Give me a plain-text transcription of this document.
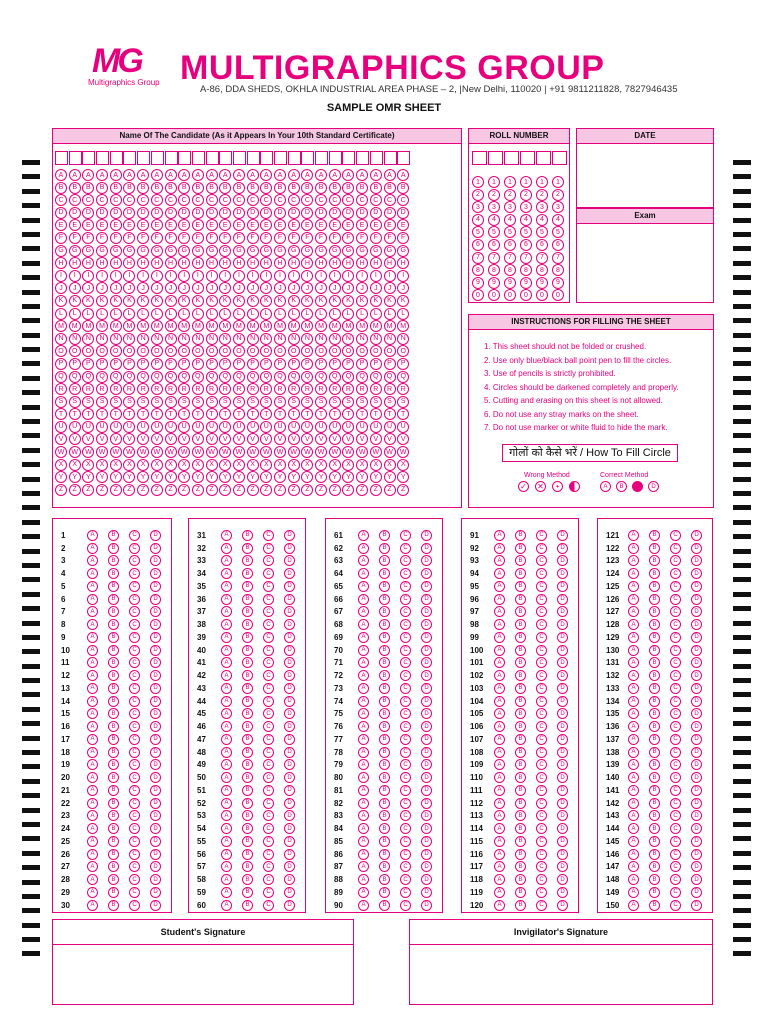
MG
Multigraphics Group MULTIGRAPHICS GROUP
A-86, DDA SHEDS, OKHLA INDUSTRIAL AREA PHASE – 2, |New Delhi, 110020 | +91 9811211828, 7827946435
SAMPLE OMR SHEET
Name Of The Candidate (As it Appears In Your 10th Standard Certificate)
A	A	A	A	A	A	A	A	A	A	A	A	A	A	A	A	A	A	A	A	A	A	A	A	A	A
B	B	B	B	B	B	B	B	B	B	B	B	B	B	B	B	B	B	B	B	B	B	B	B	B	B
C	C	C	C	C	C	C	C	C	C	C	C	C	C	C	C	C	C	C	C	C	C	C	C	C	C
D	D	D	D	D	D	D	D	D	D	D	D	D	D	D	D	D	D	D	D	D	D	D	D	D	D
E	E	E	E	E	E	E	E	E	E	E	E	E	E	E	E	E	E	E	E	E	E	E	E	E	E
F	F	F	F	F	F	F	F	F	F	F	F	F	F	F	F	F	F	F	F	F	F	F	F	F	F
G	G	G	G	G	G	G	G	G	G	G	G	G	G	G	G	G	G	G	G	G	G	G	G	G	G
H	H	H	H	H	H	H	H	H	H	H	H	H	H	H	H	H	H	H	H	H	H	H	H	H	H
I	I	I	I	I	I	I	I	I	I	I	I	I	I	I	I	I	I	I	I	I	I	I	I	I	I
J	J	J	J	J	J	J	J	J	J	J	J	J	J	J	J	J	J	J	J	J	J	J	J	J	J
K	K	K	K	K	K	K	K	K	K	K	K	K	K	K	K	K	K	K	K	K	K	K	K	K	K
L	L	L	L	L	L	L	L	L	L	L	L	L	L	L	L	L	L	L	L	L	L	L	L	L	L
M	M	M	M	M	M	M	M	M	M	M	M	M	M	M	M	M	M	M	M	M	M	M	M	M	M
N	N	N	N	N	N	N	N	N	N	N	N	N	N	N	N	N	N	N	N	N	N	N	N	N	N
O	O	O	O	O	O	O	O	O	O	O	O	O	O	O	O	O	O	O	O	O	O	O	O	O	O
P	P	P	P	P	P	P	P	P	P	P	P	P	P	P	P	P	P	P	P	P	P	P	P	P	P
Q	Q	Q	Q	Q	Q	Q	Q	Q	Q	Q	Q	Q	Q	Q	Q	Q	Q	Q	Q	Q	Q	Q	Q	Q	Q
R	R	R	R	R	R	R	R	R	R	R	R	R	R	R	R	R	R	R	R	R	R	R	R	R	R
S	S	S	S	S	S	S	S	S	S	S	S	S	S	S	S	S	S	S	S	S	S	S	S	S	S
T	T	T	T	T	T	T	T	T	T	T	T	T	T	T	T	T	T	T	T	T	T	T	T	T	T
U	U	U	U	U	U	U	U	U	U	U	U	U	U	U	U	U	U	U	U	U	U	U	U	U	U
V	V	V	V	V	V	V	V	V	V	V	V	V	V	V	V	V	V	V	V	V	V	V	V	V	V
W	W	W	W	W	W	W	W	W	W	W	W	W	W	W	W	W	W	W	W	W	W	W	W	W	W
X	X	X	X	X	X	X	X	X	X	X	X	X	X	X	X	X	X	X	X	X	X	X	X	X	X
Y	Y	Y	Y	Y	Y	Y	Y	Y	Y	Y	Y	Y	Y	Y	Y	Y	Y	Y	Y	Y	Y	Y	Y	Y	Y
Z	Z	Z	Z	Z	Z	Z	Z	Z	Z	Z	Z	Z	Z	Z	Z	Z	Z	Z	Z	Z	Z	Z	Z	Z	Z
ROLL NUMBER
1	1	1	1	1	1
2	2	2	2	2	2
3	3	3	3	3	3
4	4	4	4	4	4
5	5	5	5	5	5
6	6	6	6	6	6
7	7	7	7	7	7
8	8	8	8	8	8
9	9	9	9	9	9
0	0	0	0	0	0
DATE
Exam
INSTRUCTIONS FOR FILLING THE SHEET
1. This sheet should not be folded or crushed.
2. Use only blue/black ball point pen to fill the circles.
3. Use of pencils is strictly prohibited.
4. Circles should be darkened completely and properly.
5. Cutting and erasing on this sheet is not allowed.
6. Do not use any stray marks on the sheet.
7. Do not use marker or white fluid to hide the mark.
गोलों को कैसे भरें / How To Fill Circle
Wrong Method	Correct Method
✓ ✕	•	A	B	D
1	A	B	C	D
2	A	B	C	D
3	A	B	C	D
4	A	B	C	D
5	A	B	C	D
6	A	B	C	D
7	A	B	C	D
8	A	B	C	D
9	A	B	C	D
10	A	B	C	D
11	A	B	C	D
12	A	B	C	D
13	A	B	C	D
14	A	B	C	D
15	A	B	C	D
16	A	B	C	D
17	A	B	C	D
18	A	B	C	D
19	A	B	C	D
20	A	B	C	D
21	A	B	C	D
22	A	B	C	D
23	A	B	C	D
24	A	B	C	D
25	A	B	C	D
26	A	B	C	D
27	A	B	C	D
28	A	B	C	D
29	A	B	C	D
30	A	B	C	D
31	A	B	C	D
32	A	B	C	D
33	A	B	C	D
34	A	B	C	D
35	A	B	C	D
36	A	B	C	D
37	A	B	C	D
38	A	B	C	D
39	A	B	C	D
40	A	B	C	D
41	A	B	C	D
42	A	B	C	D
43	A	B	C	D
44	A	B	C	D
45	A	B	C	D
46	A	B	C	D
47	A	B	C	D
48	A	B	C	D
49	A	B	C	D
50	A	B	C	D
51	A	B	C	D
52	A	B	C	D
53	A	B	C	D
54	A	B	C	D
55	A	B	C	D
56	A	B	C	D
57	A	B	C	D
58	A	B	C	D
59	A	B	C	D
60	A	B	C	D
61	A	B	C	D
62	A	B	C	D
63	A	B	C	D
64	A	B	C	D
65	A	B	C	D
66	A	B	C	D
67	A	B	C	D
68	A	B	C	D
69	A	B	C	D
70	A	B	C	D
71	A	B	C	D
72	A	B	C	D
73	A	B	C	D
74	A	B	C	D
75	A	B	C	D
76	A	B	C	D
77	A	B	C	D
78	A	B	C	D
79	A	B	C	D
80	A	B	C	D
81	A	B	C	D
82	A	B	C	D
83	A	B	C	D
84	A	B	C	D
85	A	B	C	D
86	A	B	C	D
87	A	B	C	D
88	A	B	C	D
89	A	B	C	D
90	A	B	C	D
91	A	B	C	D
92	A	B	C	D
93	A	B	C	D
94	A	B	C	D
95	A	B	C	D
96	A	B	C	D
97	A	B	C	D
98	A	B	C	D
99	A	B	C	D
100	A	B	C	D
101	A	B	C	D
102	A	B	C	D
103	A	B	C	D
104	A	B	C	D
105	A	B	C	D
106	A	B	C	D
107	A	B	C	D
108	A	B	C	D
109	A	B	C	D
110	A	B	C	D
111	A	B	C	D
112	A	B	C	D
113	A	B	C	D
114	A	B	C	D
115	A	B	C	D
116	A	B	C	D
117	A	B	C	D
118	A	B	C	D
119	A	B	C	D
120	A	B	C	D
121	A	B	C	D
122	A	B	C	D
123	A	B	C	D
124	A	B	C	D
125	A	B	C	D
126	A	B	C	D
127	A	B	C	D
128	A	B	C	D
129	A	B	C	D
130	A	B	C	D
131	A	B	C	D
132	A	B	C	D
133	A	B	C	D
134	A	B	C	D
135	A	B	C	D
136	A	B	C	D
137	A	B	C	D
138	A	B	C	D
139	A	B	C	D
140	A	B	C	D
141	A	B	C	D
142	A	B	C	D
143	A	B	C	D
144	A	B	C	D
145	A	B	C	D
146	A	B	C	D
147	A	B	C	D
148	A	B	C	D
149	A	B	C	D
150	A	B	C	D
Student's Signature	Invigilator's Signature
